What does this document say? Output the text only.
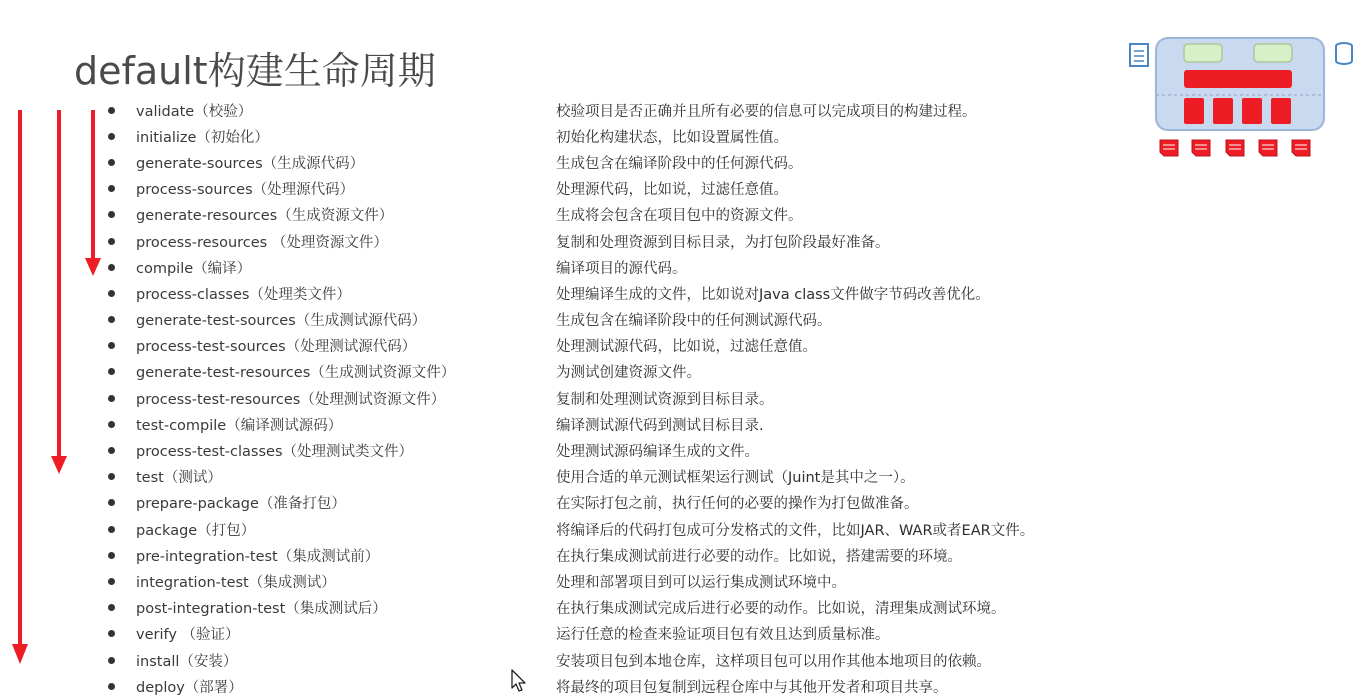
default构建生命周期
validate（校验）	校验项目是否正确并且所有必要的信息可以完成项目的构建过程。
initialize（初始化）	初始化构建状态，比如设置属性值。
generate-sources（生成源代码）	生成包含在编译阶段中的任何源代码。
process-sources（处理源代码）	处理源代码，比如说，过滤任意值。
generate-resources（生成资源文件）	生成将会包含在项目包中的资源文件。
process-resources （处理资源文件）	复制和处理资源到目标目录，为打包阶段最好准备。
compile（编译）	编译项目的源代码。
process-classes（处理类文件）	处理编译生成的文件，比如说对Java class文件做字节码改善优化。
generate-test-sources（生成测试源代码）	生成包含在编译阶段中的任何测试源代码。
process-test-sources（处理测试源代码）	处理测试源代码，比如说，过滤任意值。
generate-test-resources（生成测试资源文件）	为测试创建资源文件。
process-test-resources（处理测试资源文件）	复制和处理测试资源到目标目录。
test-compile（编译测试源码）	编译测试源代码到测试目标目录.
process-test-classes（处理测试类文件）	处理测试源码编译生成的文件。
test（测试）	使用合适的单元测试框架运行测试（Juint是其中之一）。
prepare-package（准备打包）	在实际打包之前，执行任何的必要的操作为打包做准备。
package（打包）	将编译后的代码打包成可分发格式的文件，比如JAR、WAR或者EAR文件。
pre-integration-test（集成测试前）	在执行集成测试前进行必要的动作。比如说，搭建需要的环境。
integration-test（集成测试）	处理和部署项目到可以运行集成测试环境中。
post-integration-test（集成测试后）	在执行集成测试完成后进行必要的动作。比如说，清理集成测试环境。
verify （验证）	运行任意的检查来验证项目包有效且达到质量标准。
install（安装）	安装项目包到本地仓库，这样项目包可以用作其他本地项目的依赖。
deploy（部署）	将最终的项目包复制到远程仓库中与其他开发者和项目共享。
